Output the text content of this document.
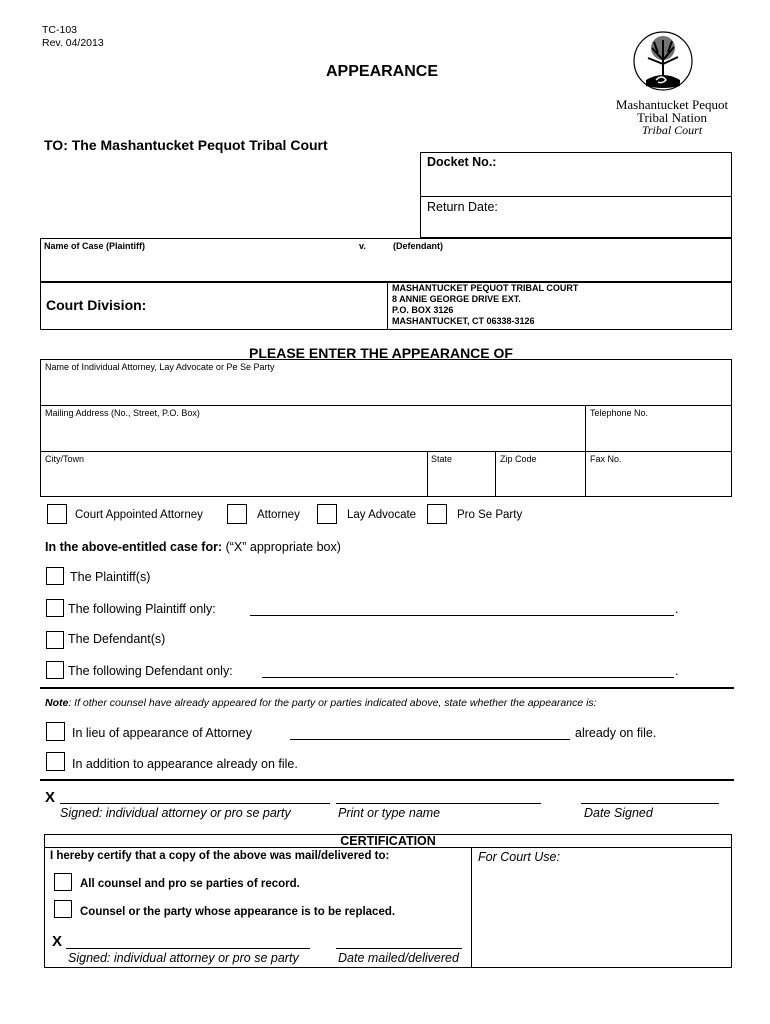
TC-103
Rev. 04/2013
APPEARANCE
Mashantucket Pequot
Tribal Nation
Tribal Court
TO: The Mashantucket Pequot Tribal Court
Docket No.:
Return Date:
Name of Case (Plaintiff)	v.	(Defendant)
Court Division:
MASHANTUCKET PEQUOT TRIBAL COURT
8 ANNIE GEORGE DRIVE EXT.
P.O. BOX 3126
MASHANTUCKET, CT 06338-3126
PLEASE ENTER THE APPEARANCE OF
Name of Individual Attorney, Lay Advocate or Pe Se Party
Mailing Address (No., Street, P.O. Box)	Telephone No.
City/Town	State	Zip Code	Fax No.
Court Appointed Attorney	Attorney	Lay Advocate	Pro Se Party
In the above-entitled case for: (“X” appropriate box)
The Plaintiff(s)
The following Plaintiff only:	.
The Defendant(s)
The following Defendant only:	.
Note: If other counsel have already appeared for the party or parties indicated above, state whether the appearance is:
In lieu of appearance of Attorney	already on file.
In addition to appearance already on file.
X
Signed: individual attorney or pro se party	Print or type name	Date Signed
CERTIFICATION
I hereby certify that a copy of the above was mail/delivered to:	For Court Use:
All counsel and pro se parties of record.
Counsel or the party whose appearance is to be replaced.
X
Signed: individual attorney or pro se party	Date mailed/delivered
